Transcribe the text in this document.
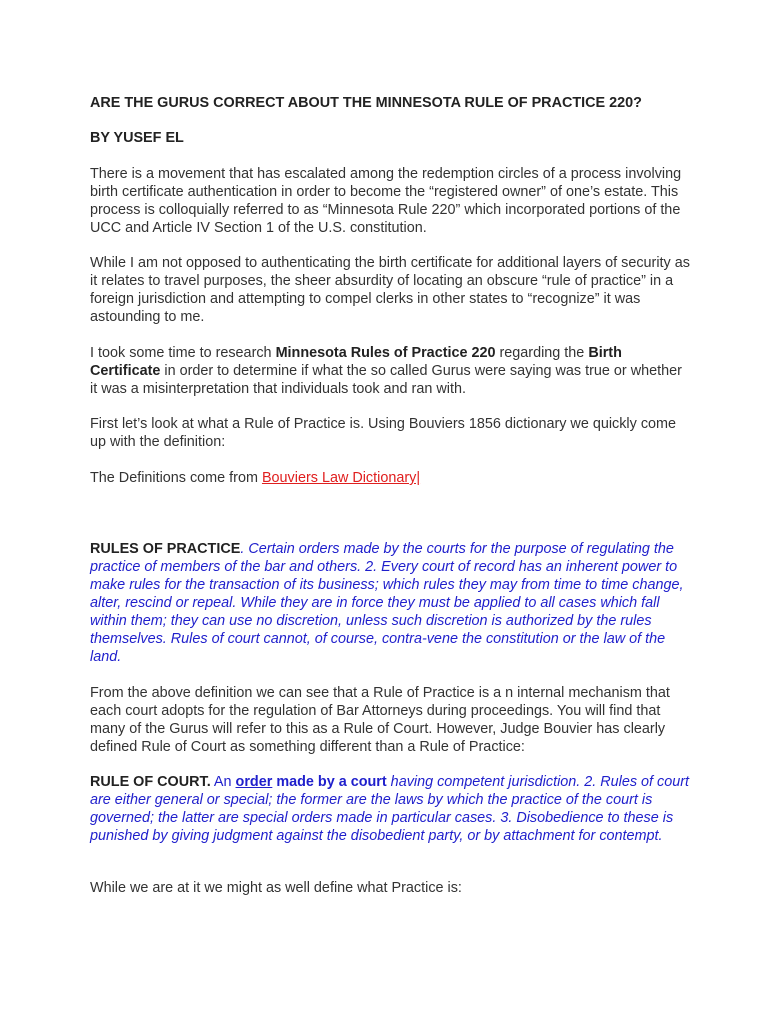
ARE THE GURUS CORRECT ABOUT THE MINNESOTA RULE OF PRACTICE 220?

BY YUSEF EL

There is a movement that has escalated among the redemption circles of a process involving birth certificate authentication in order to become the “registered owner” of one’s estate. This process is colloquially referred to as “Minnesota Rule 220” which incorporated portions of the UCC and Article IV Section 1 of the U.S. constitution.

While I am not opposed to authenticating the birth certificate for additional layers of security as it relates to travel purposes, the sheer absurdity of locating an obscure “rule of practice” in a foreign jurisdiction and attempting to compel clerks in other states to “recognize” it was astounding to me.

I took some time to research Minnesota Rules of Practice 220 regarding the Birth Certificate in order to determine if what the so called Gurus were saying was true or whether it was a misinterpretation that individuals took and ran with.

First let’s look at what a Rule of Practice is. Using Bouviers 1856 dictionary we quickly come up with the definition:

The Definitions come from Bouviers Law Dictionary|

RULES OF PRACTICE. Certain orders made by the courts for the purpose of regulating the practice of members of the bar and others. 2. Every court of record has an inherent power to make rules for the transaction of its business; which rules they may from time to time change, alter, rescind or repeal. While they are in force they must be applied to all cases which fall within them; they can use no discretion, unless such discretion is authorized by the rules themselves. Rules of court cannot, of course, contra-vene the constitution or the law of the land.

From the above definition we can see that a Rule of Practice is a n internal mechanism that each court adopts for the regulation of Bar Attorneys during proceedings. You will find that many of the Gurus will refer to this as a Rule of Court. However, Judge Bouvier has clearly defined Rule of Court as something different than a Rule of Practice:

RULE OF COURT. An order made by a court having competent jurisdiction. 2. Rules of court are either general or special; the former are the laws by which the practice of the court is governed; the latter are special orders made in particular cases. 3. Disobedience to these is punished by giving judgment against the disobedient party, or by attachment for contempt.

While we are at it we might as well define what Practice is:
